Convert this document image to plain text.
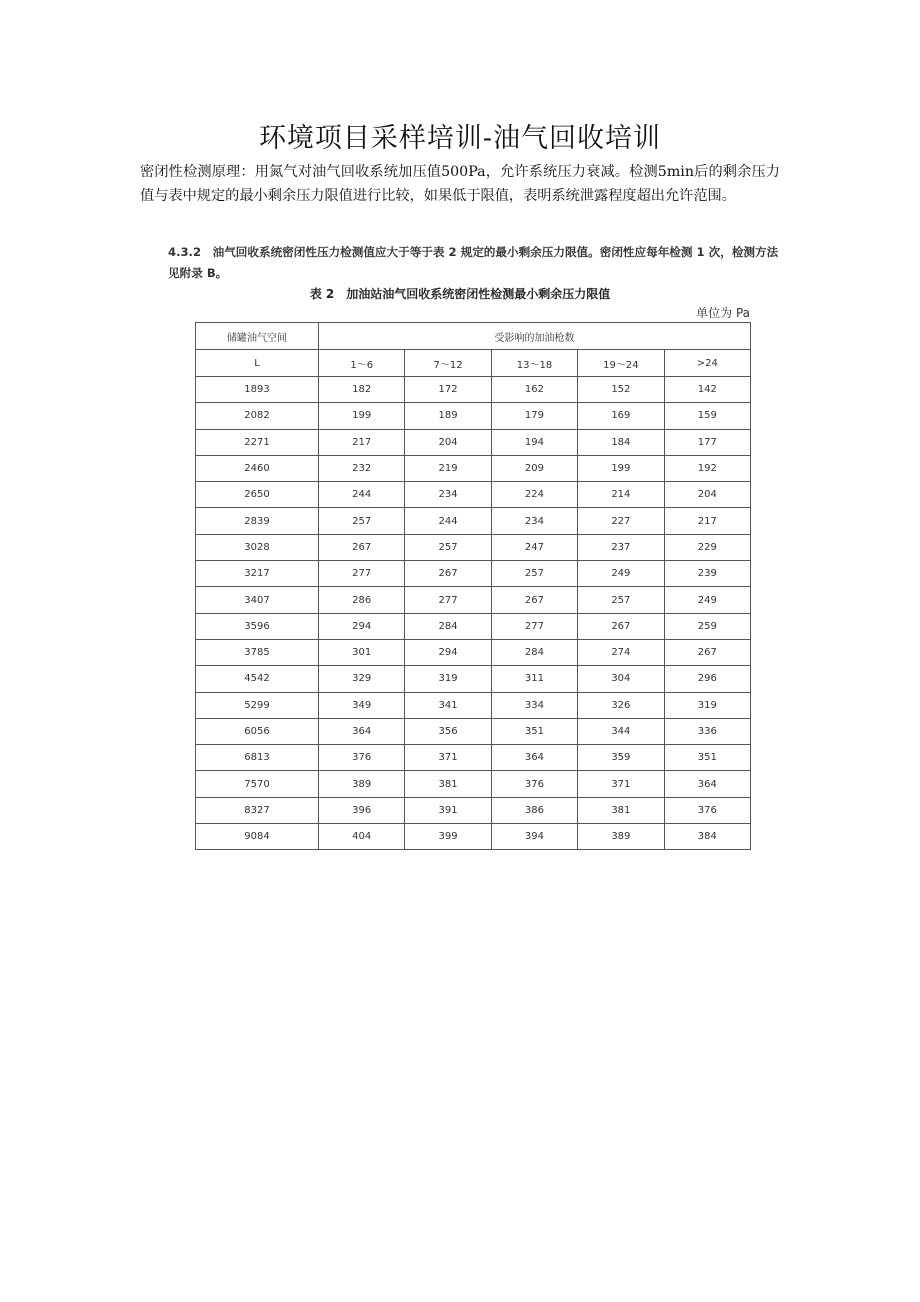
环境项目采样培训-油气回收培训
密闭性检测原理：用氮气对油气回收系统加压值500Pa，允许系统压力衰减。检测5min后的剩余压力值与表中规定的最小剩余压力限值进行比较，如果低于限值，表明系统泄露程度超出允许范围。
4.3.2　油气回收系统密闭性压力检测值应大于等于表 2 规定的最小剩余压力限值。密闭性应每年检测 1 次，检测方法见附录 B。
表 2　加油站油气回收系统密闭性检测最小剩余压力限值
单位为 Pa
储罐油气空间	受影响的加油枪数				
L	1～6	7～12	13～18	19～24	>24
1893	182	172	162	152	142
2082	199	189	179	169	159
2271	217	204	194	184	177
2460	232	219	209	199	192
2650	244	234	224	214	204
2839	257	244	234	227	217
3028	267	257	247	237	229
3217	277	267	257	249	239
3407	286	277	267	257	249
3596	294	284	277	267	259
3785	301	294	284	274	267
4542	329	319	311	304	296
5299	349	341	334	326	319
6056	364	356	351	344	336
6813	376	371	364	359	351
7570	389	381	376	371	364
8327	396	391	386	381	376
9084	404	399	394	389	384
